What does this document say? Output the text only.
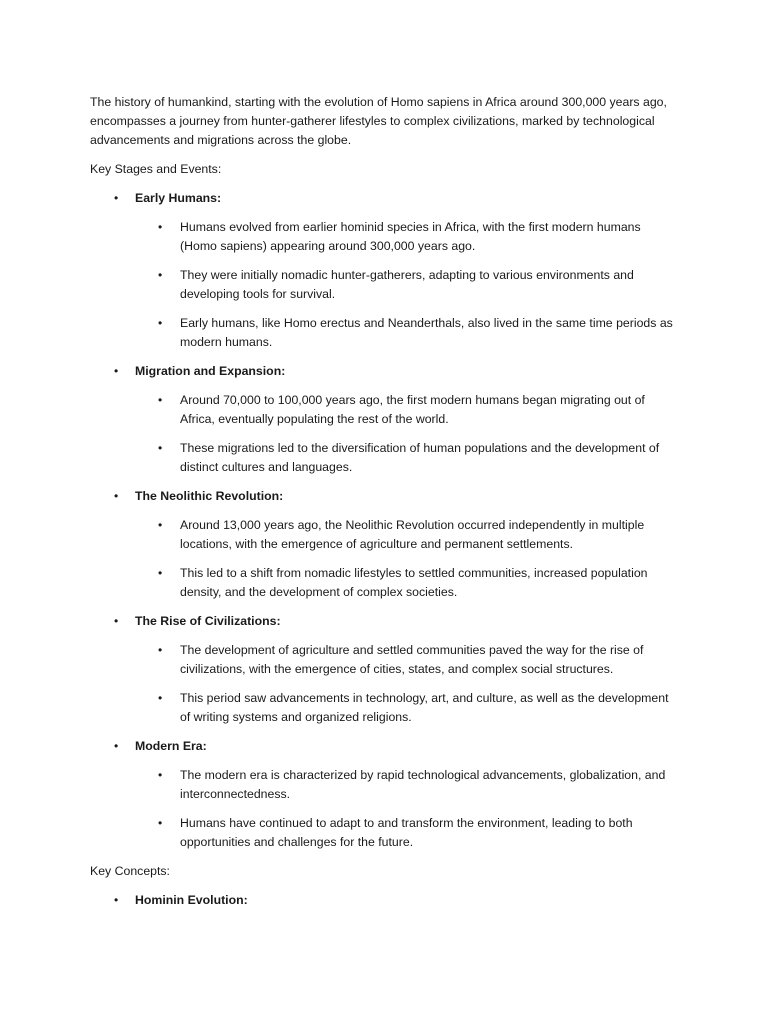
The history of humankind, starting with the evolution of Homo sapiens in Africa around 300,000 years ago, encompasses a journey from hunter-gatherer lifestyles to complex civilizations, marked by technological advancements and migrations across the globe.

Key Stages and Events:

• Early Humans:
• Humans evolved from earlier hominid species in Africa, with the first modern humans (Homo sapiens) appearing around 300,000 years ago.
• They were initially nomadic hunter-gatherers, adapting to various environments and developing tools for survival.
• Early humans, like Homo erectus and Neanderthals, also lived in the same time periods as modern humans.
• Migration and Expansion:
• Around 70,000 to 100,000 years ago, the first modern humans began migrating out of Africa, eventually populating the rest of the world.
• These migrations led to the diversification of human populations and the development of distinct cultures and languages.
• The Neolithic Revolution:
• Around 13,000 years ago, the Neolithic Revolution occurred independently in multiple locations, with the emergence of agriculture and permanent settlements.
• This led to a shift from nomadic lifestyles to settled communities, increased population density, and the development of complex societies.
• The Rise of Civilizations:
• The development of agriculture and settled communities paved the way for the rise of civilizations, with the emergence of cities, states, and complex social structures.
• This period saw advancements in technology, art, and culture, as well as the development of writing systems and organized religions.
• Modern Era:
• The modern era is characterized by rapid technological advancements, globalization, and interconnectedness.
• Humans have continued to adapt to and transform the environment, leading to both opportunities and challenges for the future.

Key Concepts:

• Hominin Evolution:
